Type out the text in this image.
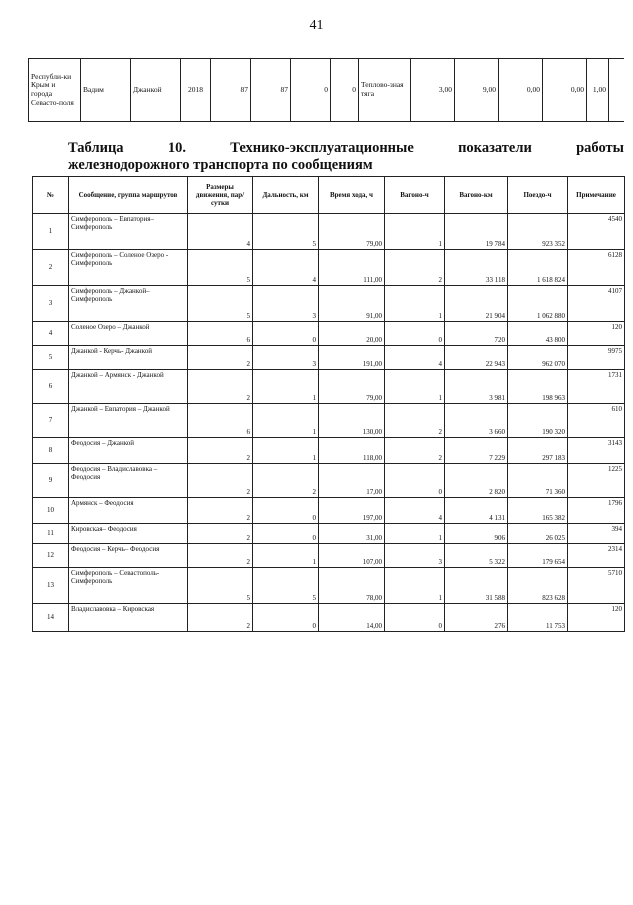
41
Республи-ки Крым и города Севасто-поля	Вадим	Джанкой	2018	87	87	0	0	Теплово-зная тяга	3,00	9,00	0,00	0,00	1,00	
Таблица	10.	Технико-эксплуатационные	показатели	работы
железнодорожного транспорта по сообщениям
№	Сообщение, группа маршрутов	Размеры движения, пар/сутки	Дальность, км	Время хода, ч	Вагоно-ч	Вагоно-км	Поездо-ч	Примечание
1	Симферополь – Евпатория– Симферополь	4	5	79,00	1	19 784	923 352	4540
2	Симферополь – Соленое Озеро - Симферополь	5	4	111,00	2	33 118	1 618 824	6128
3	Симферополь – Джанкой– Симферополь	5	3	91,00	1	21 904	1 062 880	4107
4	Соленое Озеро – Джанкой	6	0	20,00	0	720	43 800	120
5	Джанкой - Керчь- Джанкой	2	3	191,00	4	22 943	962 070	9975
6	Джанкой – Армянск - Джанкой	2	1	79,00	1	3 981	198 963	1731
7	Джанкой – Евпатория – Джанкой	6	1	130,00	2	3 660	190 320	610
8	Феодосия – Джанкой	2	1	118,00	2	7 229	297 183	3143
9	Феодосия – Владиславовка – Феодосия	2	2	17,00	0	2 820	71 360	1225
10	Армянск – Феодосия	2	0	197,00	4	4 131	165 382	1796
11	Кировская– Феодосия	2	0	31,00	1	906	26 025	394
12	Феодосия – Керчь– Феодосия	2	1	107,00	3	5 322	179 654	2314
13	Симферополь – Севастополь- Симферополь	5	5	78,00	1	31 588	823 628	5710
14	Владиславовка – Кировская	2	0	14,00	0	276	11 753	120
